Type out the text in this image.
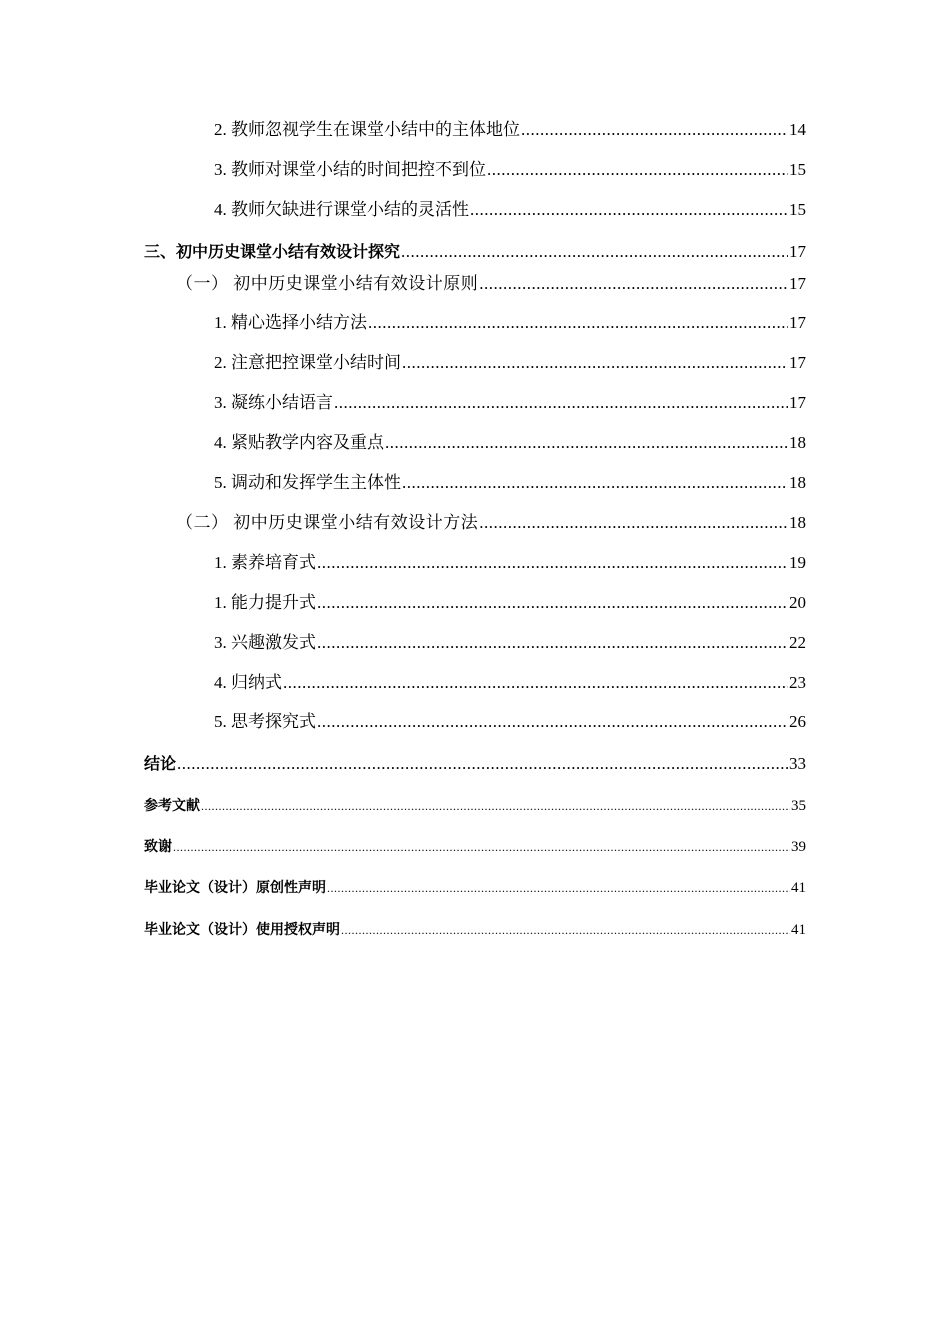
2. 教师忽视学生在课堂小结中的主体地位 .....	14
3. 教师对课堂小结的时间把控不到位 .....	15
4. 教师欠缺进行课堂小结的灵活性 .....	15
三、初中历史课堂小结有效设计探究 .....	17
（一） 初中历史课堂小结有效设计原则 .....	17
1. 精心选择小结方法 .....	17
2. 注意把控课堂小结时间 .....	17
3. 凝练小结语言 .....	17
4. 紧贴教学内容及重点 .....	18
5. 调动和发挥学生主体性 .....	18
（二） 初中历史课堂小结有效设计方法 .....	18
1. 素养培育式 .....	19
1. 能力提升式 .....	20
3. 兴趣激发式 .....	22
4. 归纳式 .....	23
5. 思考探究式 .....	26
结论 .....	33
参考文献 .....	35
致谢 .....	39
毕业论文（设计）原创性声明 .....	41
毕业论文（设计）使用授权声明 .....	41
